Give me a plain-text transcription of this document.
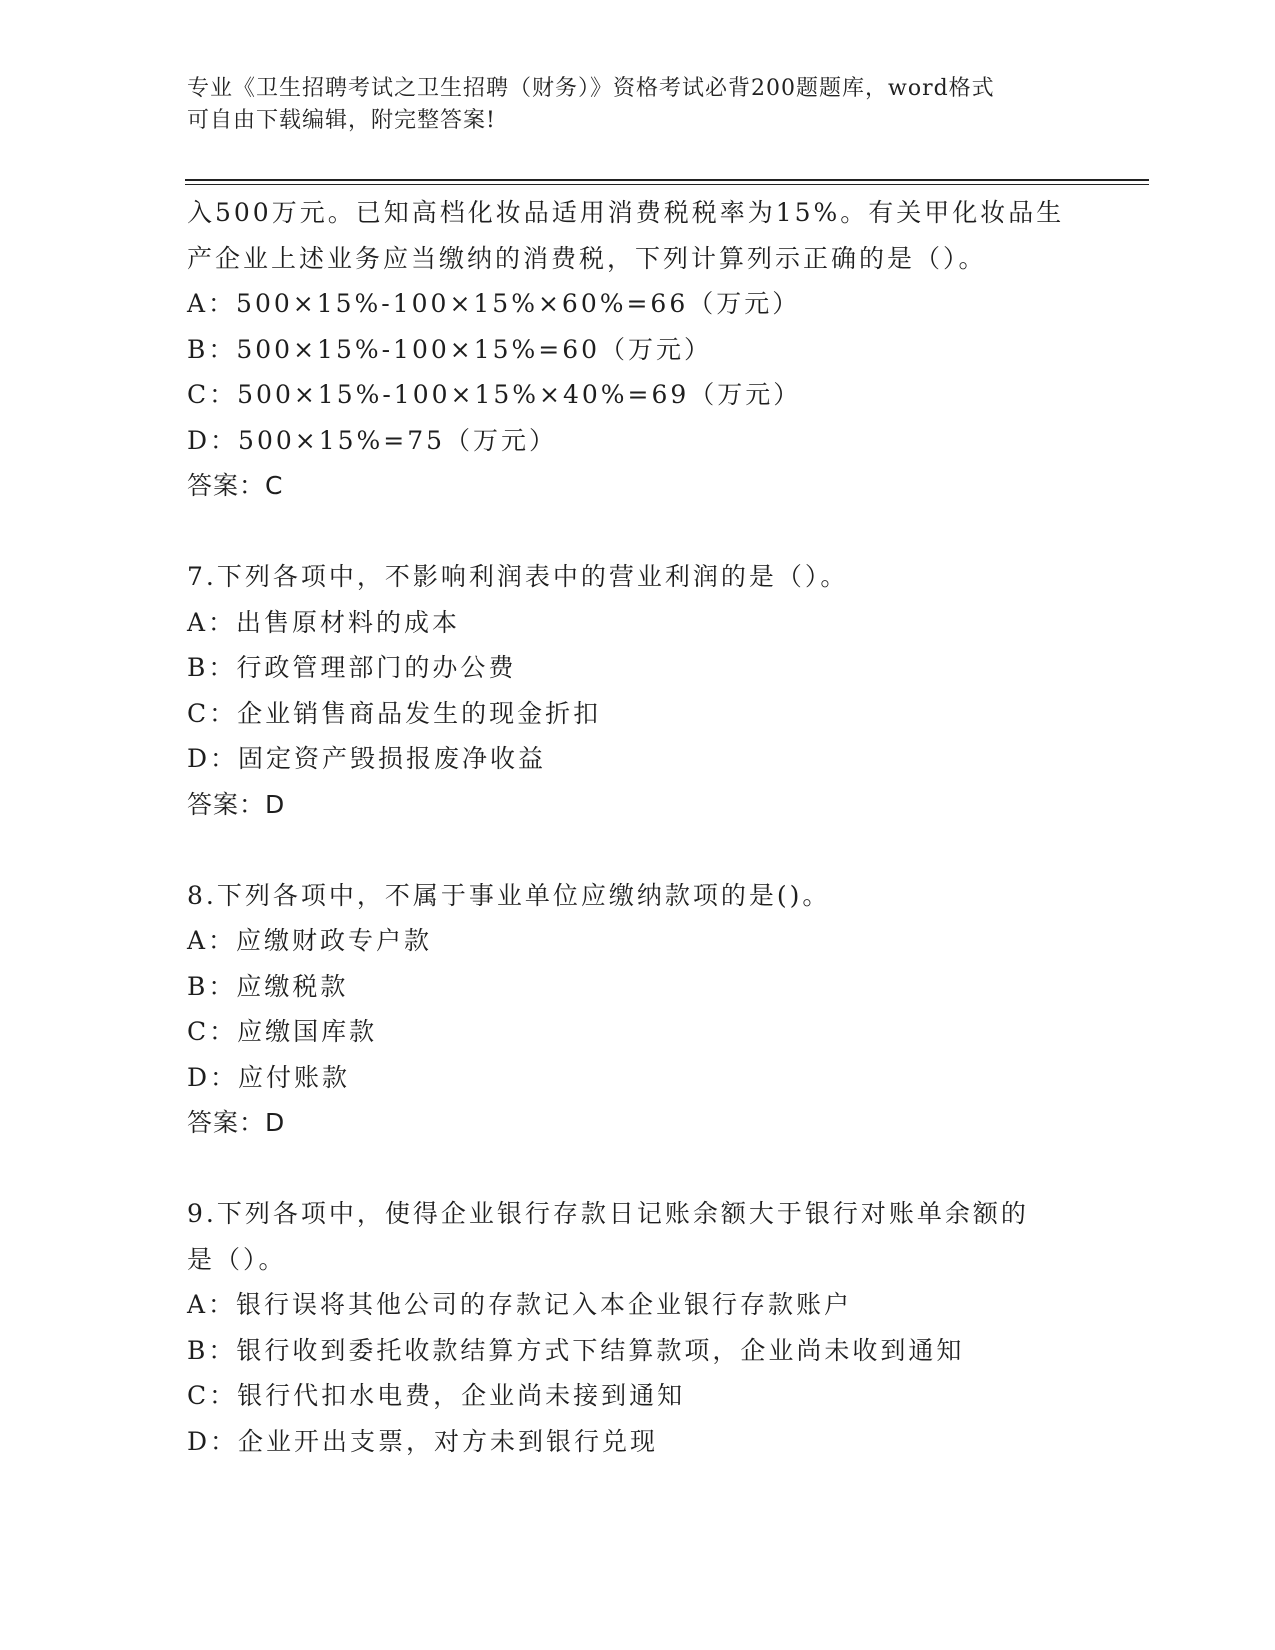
专业《卫生招聘考试之卫生招聘（财务）》资格考试必背200题题库，word格式
可自由下载编辑，附完整答案!
入500万元。已知高档化妆品适用消费税税率为15%。有关甲化妆品生
产企业上述业务应当缴纳的消费税，下列计算列示正确的是（）。
A：500×15%-100×15%×60%=66（万元）
B：500×15%-100×15%=60（万元）
C：500×15%-100×15%×40%=69（万元）
D：500×15%=75（万元）
答案：C
7.下列各项中，不影响利润表中的营业利润的是（）。
A：出售原材料的成本
B：行政管理部门的办公费
C：企业销售商品发生的现金折扣
D：固定资产毁损报废净收益
答案：D
8.下列各项中，不属于事业单位应缴纳款项的是()。
A：应缴财政专户款
B：应缴税款
C：应缴国库款
D：应付账款
答案：D
9.下列各项中，使得企业银行存款日记账余额大于银行对账单余额的
是（）。
A：银行误将其他公司的存款记入本企业银行存款账户
B：银行收到委托收款结算方式下结算款项，企业尚未收到通知
C：银行代扣水电费，企业尚未接到通知
D：企业开出支票，对方未到银行兑现
